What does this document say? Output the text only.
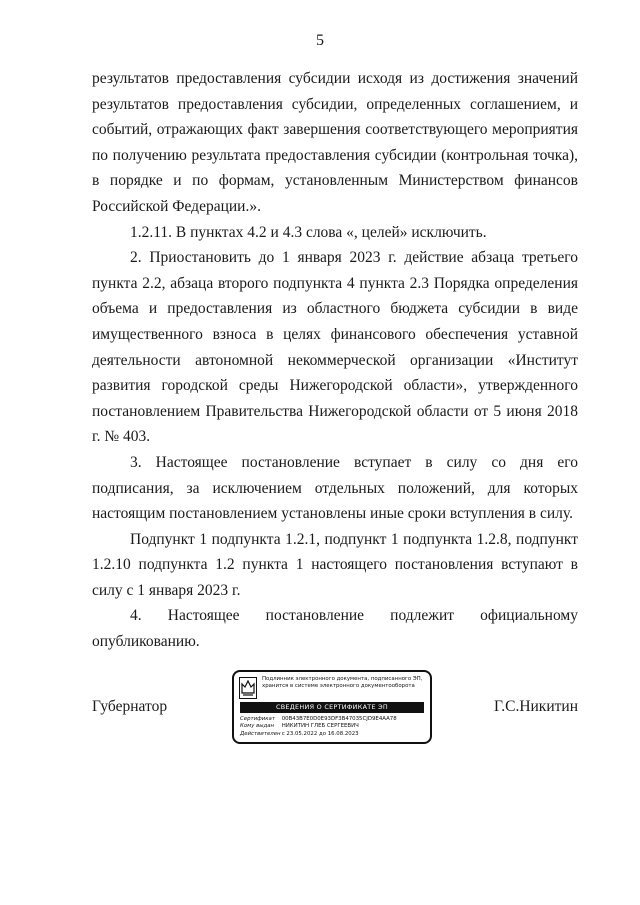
5

результатов предоставления субсидии исходя из достижения значений результатов предоставления субсидии, определенных соглашением, и событий, отражающих факт завершения соответствующего мероприятия по получению результата предоставления субсидии (контрольная точка), в порядке и по формам, установленным Министерством финансов Российской Федерации.».

1.2.11. В пунктах 4.2 и 4.3 слова «, целей» исключить.

2. Приостановить до 1 января 2023 г. действие абзаца третьего пункта 2.2, абзаца второго подпункта 4 пункта 2.3 Порядка определения объема и предоставления из областного бюджета субсидии в виде имущественного взноса в целях финансового обеспечения уставной деятельности автономной некоммерческой организации «Институт развития городской среды Нижегородской области», утвержденного постановлением Правительства Нижегородской области от 5 июня 2018 г. № 403.

3. Настоящее постановление вступает в силу со дня его подписания, за исключением отдельных положений, для которых настоящим постановлением установлены иные сроки вступления в силу.

Подпункт 1 подпункта 1.2.1, подпункт 1 подпункта 1.2.8, подпункт 1.2.10 подпункта 1.2 пункта 1 настоящего постановления вступают в силу с 1 января 2023 г.

4. Настоящее постановление подлежит официальному опубликованию.

Губернатор
Подлинник электронного документа, подписанного ЭП, хранится в системе электронного документооборота
СВЕДЕНИЯ О СЕРТИФИКАТЕ ЭП
Сертификат 00B43B7E0D0E93DF3B47035CJD9E4AA78
Кому выдан НИКИТИН ГЛЕБ СЕРГЕЕВИЧ
Действителен с 23.05.2022 до 16.08.2023
Г.С.Никитин
